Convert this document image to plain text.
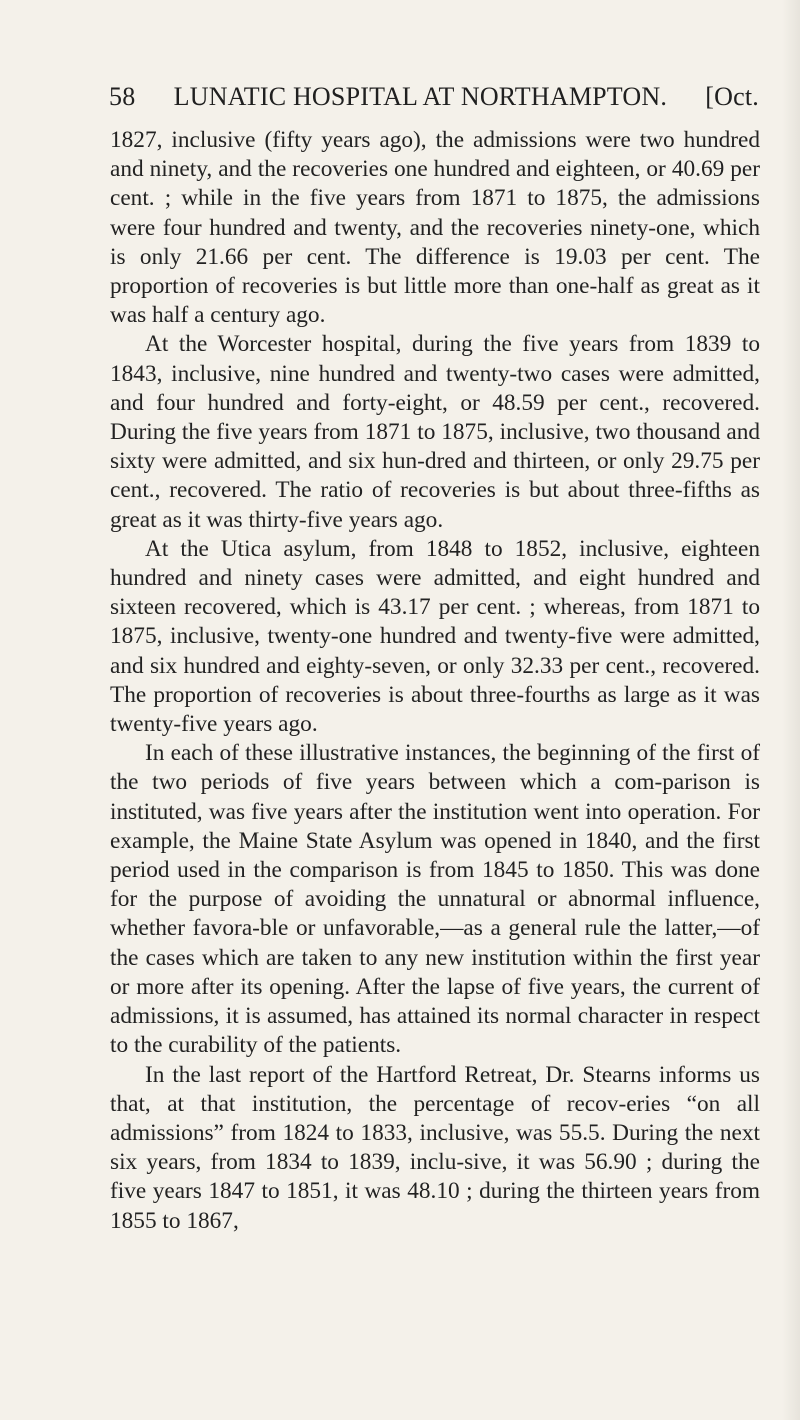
58 LUNATIC HOSPITAL AT NORTHAMPTON. [Oct.

1827, inclusive (fifty years ago), the admissions were two hundred and ninety, and the recoveries one hundred and eighteen, or 40.69 per cent. ; while in the five years from 1871 to 1875, the admissions were four hundred and twenty, and the recoveries ninety-one, which is only 21.66 per cent. The difference is 19.03 per cent. The proportion of recoveries is but little more than one-half as great as it was half a century ago.

At the Worcester hospital, during the five years from 1839 to 1843, inclusive, nine hundred and twenty-two cases were admitted, and four hundred and forty-eight, or 48.59 per cent., recovered. During the five years from 1871 to 1875, inclusive, two thousand and sixty were admitted, and six hun-dred and thirteen, or only 29.75 per cent., recovered. The ratio of recoveries is but about three-fifths as great as it was thirty-five years ago.

At the Utica asylum, from 1848 to 1852, inclusive, eighteen hundred and ninety cases were admitted, and eight hundred and sixteen recovered, which is 43.17 per cent. ; whereas, from 1871 to 1875, inclusive, twenty-one hundred and twenty-five were admitted, and six hundred and eighty-seven, or only 32.33 per cent., recovered. The proportion of recoveries is about three-fourths as large as it was twenty-five years ago.

In each of these illustrative instances, the beginning of the first of the two periods of five years between which a com-parison is instituted, was five years after the institution went into operation. For example, the Maine State Asylum was opened in 1840, and the first period used in the comparison is from 1845 to 1850. This was done for the purpose of avoiding the unnatural or abnormal influence, whether favora-ble or unfavorable,—as a general rule the latter,—of the cases which are taken to any new institution within the first year or more after its opening. After the lapse of five years, the current of admissions, it is assumed, has attained its normal character in respect to the curability of the patients.

In the last report of the Hartford Retreat, Dr. Stearns informs us that, at that institution, the percentage of recov-eries “on all admissions” from 1824 to 1833, inclusive, was 55.5. During the next six years, from 1834 to 1839, inclu-sive, it was 56.90 ; during the five years 1847 to 1851, it was 48.10 ; during the thirteen years from 1855 to 1867,
